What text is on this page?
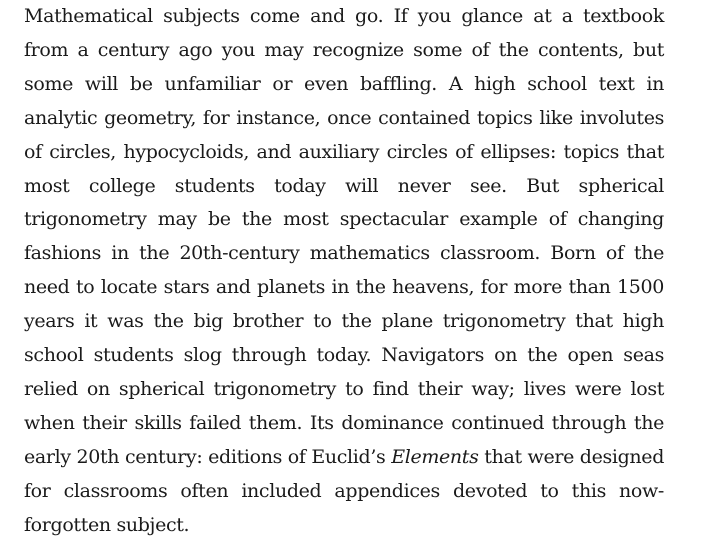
Mathematical subjects come and go. If you glance at a textbook from a century ago you may recognize some of the contents, but some will be unfamiliar or even baffling. A high school text in analytic geometry, for instance, once contained topics like involutes of circles, hypocycloids, and auxiliary circles of ellipses: topics that most college students today will never see. But spherical trigonometry may be the most spectacular example of changing fashions in the 20th-century mathematics classroom. Born of the need to locate stars and planets in the heavens, for more than 1500 years it was the big brother to the plane trigonometry that high school students slog through today. Navigators on the open seas relied on spherical trigonometry to find their way; lives were lost when their skills failed them. Its dominance continued through the early 20th century: editions of Euclid’s Elements that were designed for classrooms often included appendices devoted to this now-forgotten subject.
